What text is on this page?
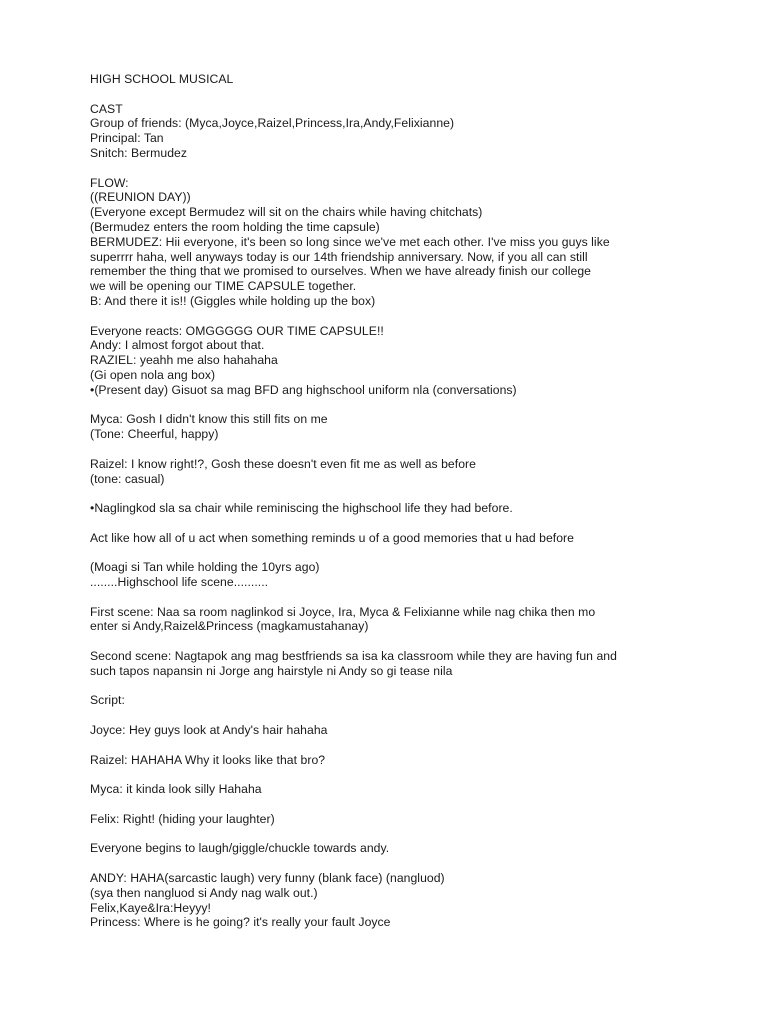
HIGH SCHOOL MUSICAL
CAST
Group of friends: (Myca,Joyce,Raizel,Princess,Ira,Andy,Felixianne)
Principal: Tan
Snitch: Bermudez
FLOW:
((REUNION DAY))
(Everyone except Bermudez will sit on the chairs while having chitchats)
(Bermudez enters the room holding the time capsule)
BERMUDEZ: Hii everyone, it's been so long since we've met each other. I've miss you guys like
superrrr haha, well anyways today is our 14th friendship anniversary. Now, if you all can still
remember the thing that we promised to ourselves. When we have already finish our college
we will be opening our TIME CAPSULE together.
B: And there it is!! (Giggles while holding up the box)
Everyone reacts: OMGGGGG OUR TIME CAPSULE!!
Andy: I almost forgot about that.
RAZIEL: yeahh me also hahahaha
(Gi open nola ang box)
•(Present day) Gisuot sa mag BFD ang highschool uniform nla (conversations)
Myca: Gosh I didn't know this still fits on me
(Tone: Cheerful, happy)
Raizel: I know right!?, Gosh these doesn't even fit me as well as before
(tone: casual)
•Naglingkod sla sa chair while reminiscing the highschool life they had before.
Act like how all of u act when something reminds u of a good memories that u had before
(Moagi si Tan while holding the 10yrs ago)
........Highschool life scene..........
First scene: Naa sa room naglinkod si Joyce, Ira, Myca & Felixianne while nag chika then mo
enter si Andy,Raizel&Princess (magkamustahanay)
Second scene: Nagtapok ang mag bestfriends sa isa ka classroom while they are having fun and
such tapos napansin ni Jorge ang hairstyle ni Andy so gi tease nila
Script:
Joyce: Hey guys look at Andy's hair hahaha
Raizel: HAHAHA Why it looks like that bro?
Myca: it kinda look silly Hahaha
Felix: Right! (hiding your laughter)
Everyone begins to laugh/giggle/chuckle towards andy.
ANDY: HAHA(sarcastic laugh) very funny (blank face) (nangluod)
(sya then nangluod si Andy nag walk out.)
Felix,Kaye&Ira:Heyyy!
Princess: Where is he going? it's really your fault Joyce
